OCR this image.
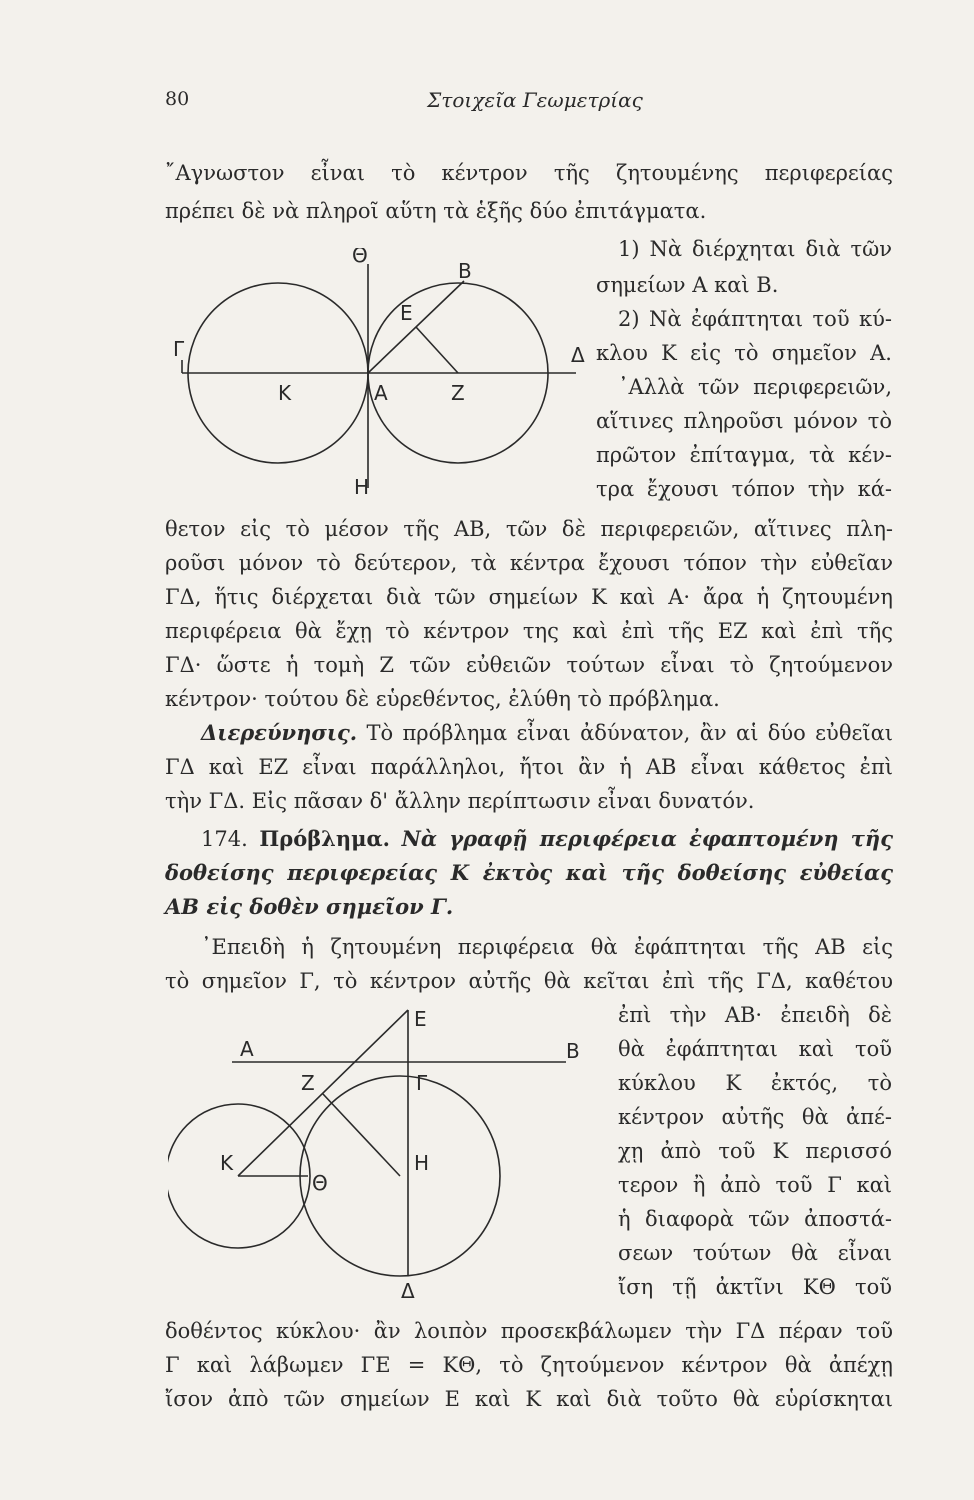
80	Στοιχεῖα Γεωμετρίας
῎Αγνωστον εἶναι τὸ κέντρον τῆς ζητουμένης περιφερείας
πρέπει δὲ νὰ πληροῖ αὕτη τὰ ἑξῆς δύο ἐπιτάγματα.
Θ
Β
Ε
Γ	Δ
Κ	Α	Ζ
Η
1) Νὰ διέρχηται διὰ τῶν
σημείων Α καὶ Β.
2) Νὰ ἐφάπτηται τοῦ κύ-
κλου Κ εἰς τὸ σημεῖον Α.
᾿Αλλὰ τῶν περιφερειῶν,
αἵτινες πληροῦσι μόνον τὸ
πρῶτον ἐπίταγμα, τὰ κέν-
τρα ἔχουσι τόπον τὴν κά-
θετον εἰς τὸ μέσον τῆς ΑΒ, τῶν δὲ περιφερειῶν, αἵτινες πλη-
ροῦσι μόνον τὸ δεύτερον, τὰ κέντρα ἔχουσι τόπον τὴν εὐθεῖαν
ΓΔ, ἥτις διέρχεται διὰ τῶν σημείων Κ καὶ Α· ἄρα ἡ ζητουμένη
περιφέρεια θὰ ἔχῃ τὸ κέντρον της καὶ ἐπὶ τῆς ΕΖ καὶ ἐπὶ τῆς
ΓΔ· ὥστε ἡ τομὴ Ζ τῶν εὐθειῶν τούτων εἶναι τὸ ζητούμενον
κέντρον· τούτου δὲ εὑρεθέντος, ἐλύθη τὸ πρόβλημα.
Διερεύνησις. Τὸ πρόβλημα εἶναι ἀδύνατον, ἂν αἱ δύο εὐθεῖαι
ΓΔ καὶ ΕΖ εἶναι παράλληλοι, ἤτοι ἂν ἡ ΑΒ εἶναι κάθετος ἐπὶ
τὴν ΓΔ. Εἰς πᾶσαν δ' ἄλλην περίπτωσιν εἶναι δυνατόν.
174. Πρόβλημα. Νὰ γραφῇ περιφέρεια ἐφαπτομένη τῆς
δοθείσης περιφερείας Κ ἐκτὸς καὶ τῆς δοθείσης εὐθείας
ΑΒ εἰς δοθὲν σημεῖον Γ.
᾿Επειδὴ ἡ ζητουμένη περιφέρεια θὰ ἐφάπτηται τῆς ΑΒ εἰς
τὸ σημεῖον Γ, τὸ κέντρον αὐτῆς θὰ κεῖται ἐπὶ τῆς ΓΔ, καθέτου
Ε
Α	Β
Ζ	Γ
Κ	Η
Θ
Δ
ἐπὶ τὴν ΑΒ· ἐπειδὴ δὲ
θὰ ἐφάπτηται καὶ τοῦ
κύκλου Κ ἐκτός, τὸ
κέντρον αὐτῆς θὰ ἀπέ-
χῃ ἀπὸ τοῦ Κ περισσό
τερον ἢ ἀπὸ τοῦ Γ καὶ
ἡ διαφορὰ τῶν ἀποστά-
σεων τούτων θὰ εἶναι
ἴση τῇ ἀκτῖνι ΚΘ τοῦ
δοθέντος κύκλου· ἂν λοιπὸν προσεκβάλωμεν τὴν ΓΔ πέραν τοῦ
Γ καὶ λάβωμεν ΓΕ = ΚΘ, τὸ ζητούμενον κέντρον θὰ ἀπέχῃ
ἴσον ἀπὸ τῶν σημείων Ε καὶ Κ καὶ διὰ τοῦτο θὰ εὑρίσκηται
